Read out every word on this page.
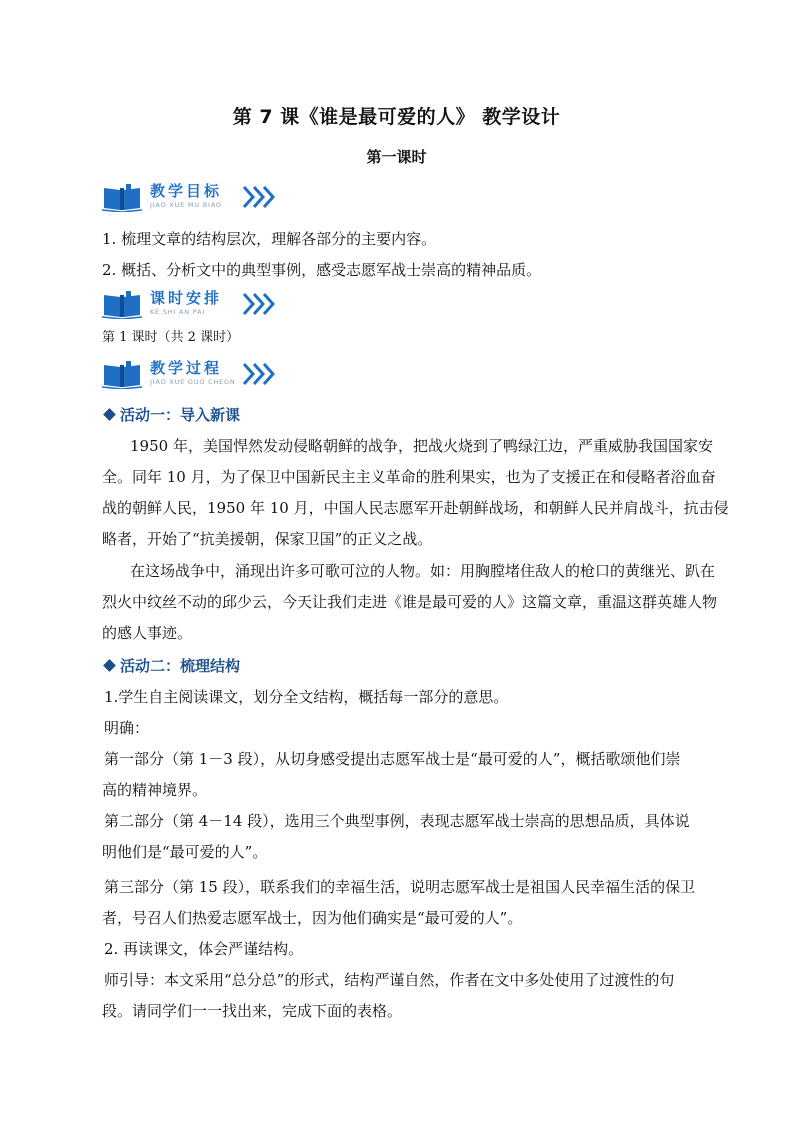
第 7 课《谁是最可爱的人》 教学设计
第一课时
教学目标
JIAO XUE MU BIAO
1. 梳理文章的结构层次，理解各部分的主要内容。
2. 概括、分析文中的典型事例，感受志愿军战士崇高的精神品质。
课时安排
KE SHI AN PAI
第 1 课时（共 2 课时）
教学过程
JIAO XUE GUO CHEGN
活动一：导入新课
1950 年，美国悍然发动侵略朝鲜的战争，把战火烧到了鸭绿江边，严重威胁我国国家安
全。同年 10 月，为了保卫中国新民主主义革命的胜利果实，也为了支援正在和侵略者浴血奋
战的朝鲜人民，1950 年 10 月，中国人民志愿军开赴朝鲜战场，和朝鲜人民并肩战斗，抗击侵
略者，开始了“抗美援朝，保家卫国”的正义之战。
在这场战争中，涌现出许多可歌可泣的人物。如：用胸膛堵住敌人的枪口的黄继光、趴在
烈火中纹丝不动的邱少云，今天让我们走进《谁是最可爱的人》这篇文章，重温这群英雄人物
的感人事迹。
活动二：梳理结构
1.学生自主阅读课文，划分全文结构，概括每一部分的意思。
明确：
第一部分（第 1－3 段），从切身感受提出志愿军战士是“最可爱的人”，概括歌颂他们崇
高的精神境界。
第二部分（第 4－14 段），选用三个典型事例，表现志愿军战士崇高的思想品质，具体说
明他们是“最可爱的人”。
第三部分（第 15 段），联系我们的幸福生活，说明志愿军战士是祖国人民幸福生活的保卫
者，号召人们热爱志愿军战士，因为他们确实是“最可爱的人”。
2. 再读课文，体会严谨结构。
师引导：本文采用“总分总”的形式，结构严谨自然，作者在文中多处使用了过渡性的句
段。请同学们一一找出来，完成下面的表格。
